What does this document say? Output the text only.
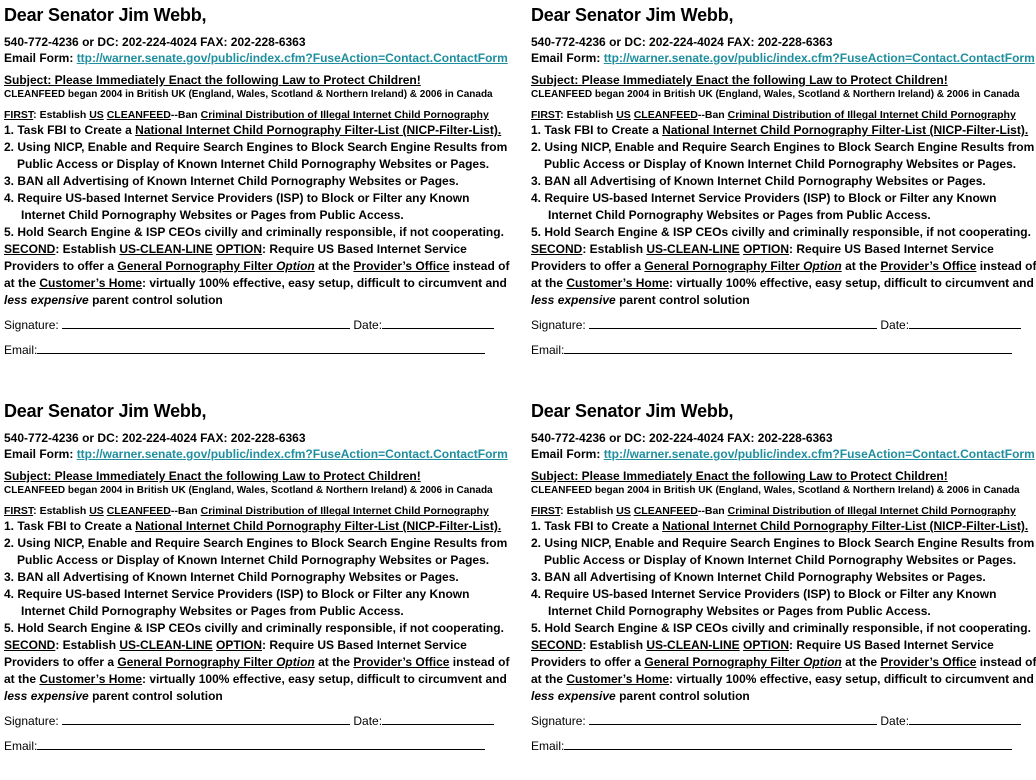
Dear Senator Jim Webb,
540-772-4236 or DC: 202-224-4024 FAX: 202-228-6363
Email Form: ttp://warner.senate.gov/public/index.cfm?FuseAction=Contact.ContactForm
Subject: Please Immediately Enact the following Law to Protect Children!
CLEANFEED began 2004 in British UK (England, Wales, Scotland & Northern Ireland) & 2006 in Canada
FIRST: Establish US CLEANFEED--Ban Criminal Distribution of Illegal Internet Child Pornography
1. Task FBI to Create a National Internet Child Pornography Filter-List (NICP-Filter-List).
2. Using NICP, Enable and Require Search Engines to Block Search Engine Results from
Public Access or Display of Known Internet Child Pornography Websites or Pages.
3. BAN all Advertising of Known Internet Child Pornography Websites or Pages.
4. Require US-based Internet Service Providers (ISP) to Block or Filter any Known
Internet Child Pornography Websites or Pages from Public Access.
5. Hold Search Engine & ISP CEOs civilly and criminally responsible, if not cooperating.
SECOND: Establish US-CLEAN-LINE OPTION: Require US Based Internet Service
Providers to offer a General Pornography Filter Option at the Provider’s Office instead of
at the Customer’s Home: virtually 100% effective, easy setup, difficult to circumvent and
less expensive parent control solution
Signature:	Date:
Email:
Dear Senator Jim Webb,
540-772-4236 or DC: 202-224-4024 FAX: 202-228-6363
Email Form: ttp://warner.senate.gov/public/index.cfm?FuseAction=Contact.ContactForm
Subject: Please Immediately Enact the following Law to Protect Children!
CLEANFEED began 2004 in British UK (England, Wales, Scotland & Northern Ireland) & 2006 in Canada
FIRST: Establish US CLEANFEED--Ban Criminal Distribution of Illegal Internet Child Pornography
1. Task FBI to Create a National Internet Child Pornography Filter-List (NICP-Filter-List).
2. Using NICP, Enable and Require Search Engines to Block Search Engine Results from
Public Access or Display of Known Internet Child Pornography Websites or Pages.
3. BAN all Advertising of Known Internet Child Pornography Websites or Pages.
4. Require US-based Internet Service Providers (ISP) to Block or Filter any Known
Internet Child Pornography Websites or Pages from Public Access.
5. Hold Search Engine & ISP CEOs civilly and criminally responsible, if not cooperating.
SECOND: Establish US-CLEAN-LINE OPTION: Require US Based Internet Service
Providers to offer a General Pornography Filter Option at the Provider’s Office instead of
at the Customer’s Home: virtually 100% effective, easy setup, difficult to circumvent and
less expensive parent control solution
Signature:	Date:
Email:
Dear Senator Jim Webb,
540-772-4236 or DC: 202-224-4024 FAX: 202-228-6363
Email Form: ttp://warner.senate.gov/public/index.cfm?FuseAction=Contact.ContactForm
Subject: Please Immediately Enact the following Law to Protect Children!
CLEANFEED began 2004 in British UK (England, Wales, Scotland & Northern Ireland) & 2006 in Canada
FIRST: Establish US CLEANFEED--Ban Criminal Distribution of Illegal Internet Child Pornography
1. Task FBI to Create a National Internet Child Pornography Filter-List (NICP-Filter-List).
2. Using NICP, Enable and Require Search Engines to Block Search Engine Results from
Public Access or Display of Known Internet Child Pornography Websites or Pages.
3. BAN all Advertising of Known Internet Child Pornography Websites or Pages.
4. Require US-based Internet Service Providers (ISP) to Block or Filter any Known
Internet Child Pornography Websites or Pages from Public Access.
5. Hold Search Engine & ISP CEOs civilly and criminally responsible, if not cooperating.
SECOND: Establish US-CLEAN-LINE OPTION: Require US Based Internet Service
Providers to offer a General Pornography Filter Option at the Provider’s Office instead of
at the Customer’s Home: virtually 100% effective, easy setup, difficult to circumvent and
less expensive parent control solution
Signature:	Date:
Email:
Dear Senator Jim Webb,
540-772-4236 or DC: 202-224-4024 FAX: 202-228-6363
Email Form: ttp://warner.senate.gov/public/index.cfm?FuseAction=Contact.ContactForm
Subject: Please Immediately Enact the following Law to Protect Children!
CLEANFEED began 2004 in British UK (England, Wales, Scotland & Northern Ireland) & 2006 in Canada
FIRST: Establish US CLEANFEED--Ban Criminal Distribution of Illegal Internet Child Pornography
1. Task FBI to Create a National Internet Child Pornography Filter-List (NICP-Filter-List).
2. Using NICP, Enable and Require Search Engines to Block Search Engine Results from
Public Access or Display of Known Internet Child Pornography Websites or Pages.
3. BAN all Advertising of Known Internet Child Pornography Websites or Pages.
4. Require US-based Internet Service Providers (ISP) to Block or Filter any Known
Internet Child Pornography Websites or Pages from Public Access.
5. Hold Search Engine & ISP CEOs civilly and criminally responsible, if not cooperating.
SECOND: Establish US-CLEAN-LINE OPTION: Require US Based Internet Service
Providers to offer a General Pornography Filter Option at the Provider’s Office instead of
at the Customer’s Home: virtually 100% effective, easy setup, difficult to circumvent and
less expensive parent control solution
Signature:	Date:
Email:
